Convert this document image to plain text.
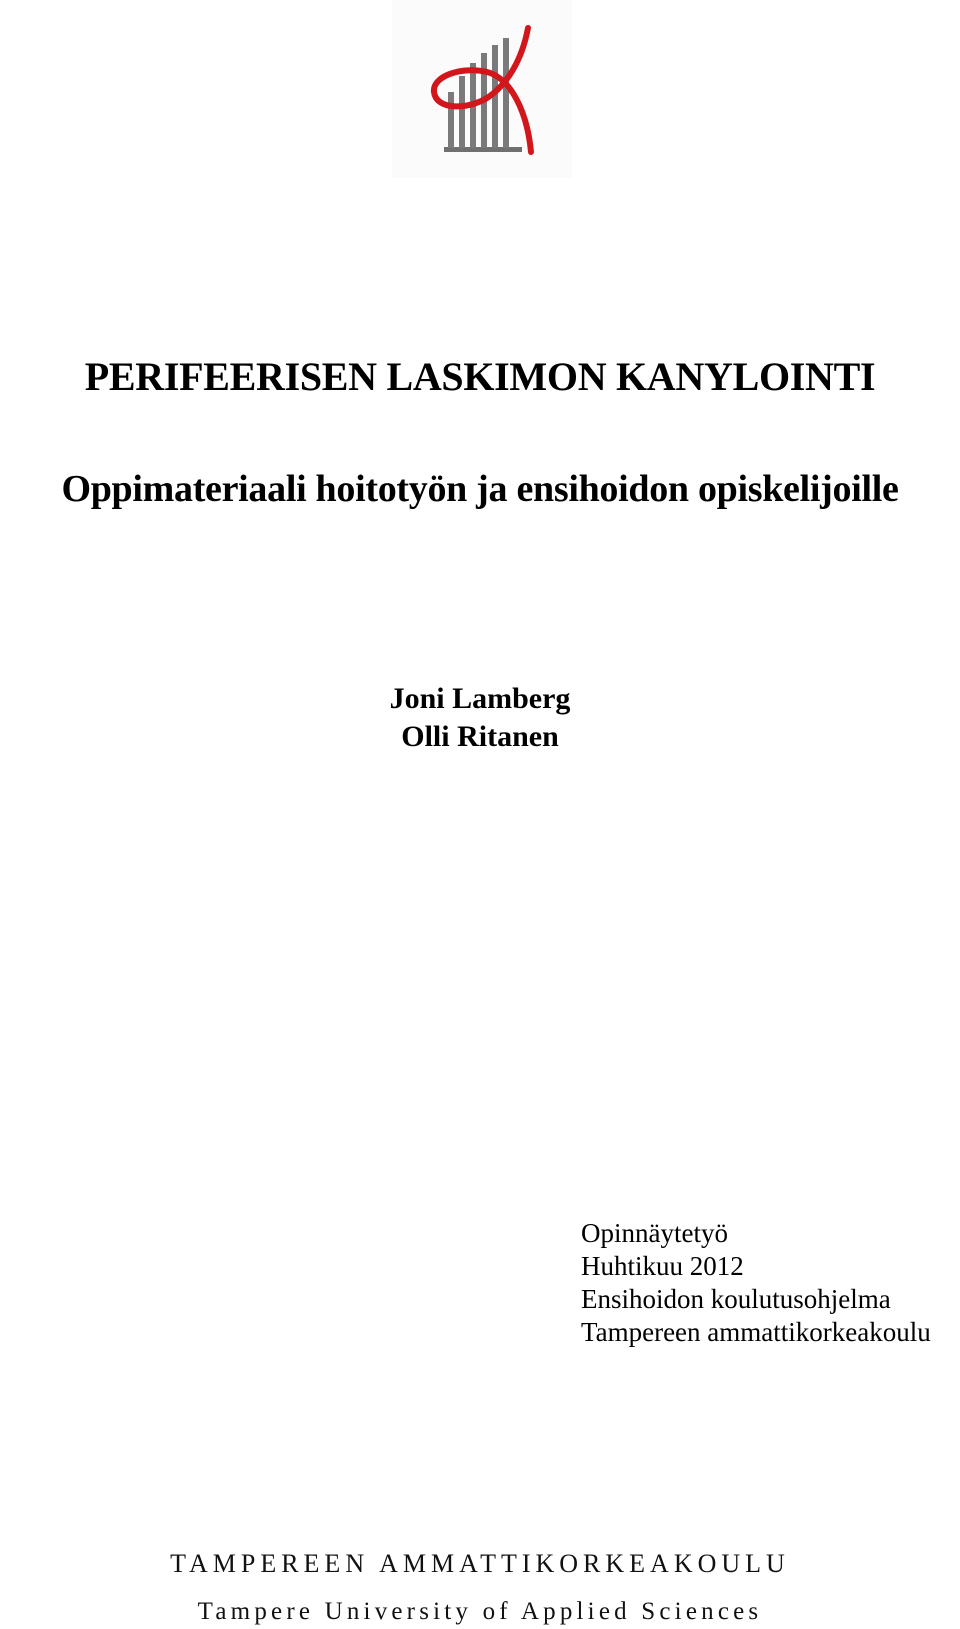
PERIFEERISEN LASKIMON KANYLOINTI
Oppimateriaali hoitotyön ja ensihoidon opiskelijoille
Joni Lamberg
Olli Ritanen
Opinnäytetyö
Huhtikuu 2012
Ensihoidon koulutusohjelma
Tampereen ammattikorkeakoulu
TAMPEREEN AMMATTIKORKEAKOULU
Tampere University of Applied Sciences
